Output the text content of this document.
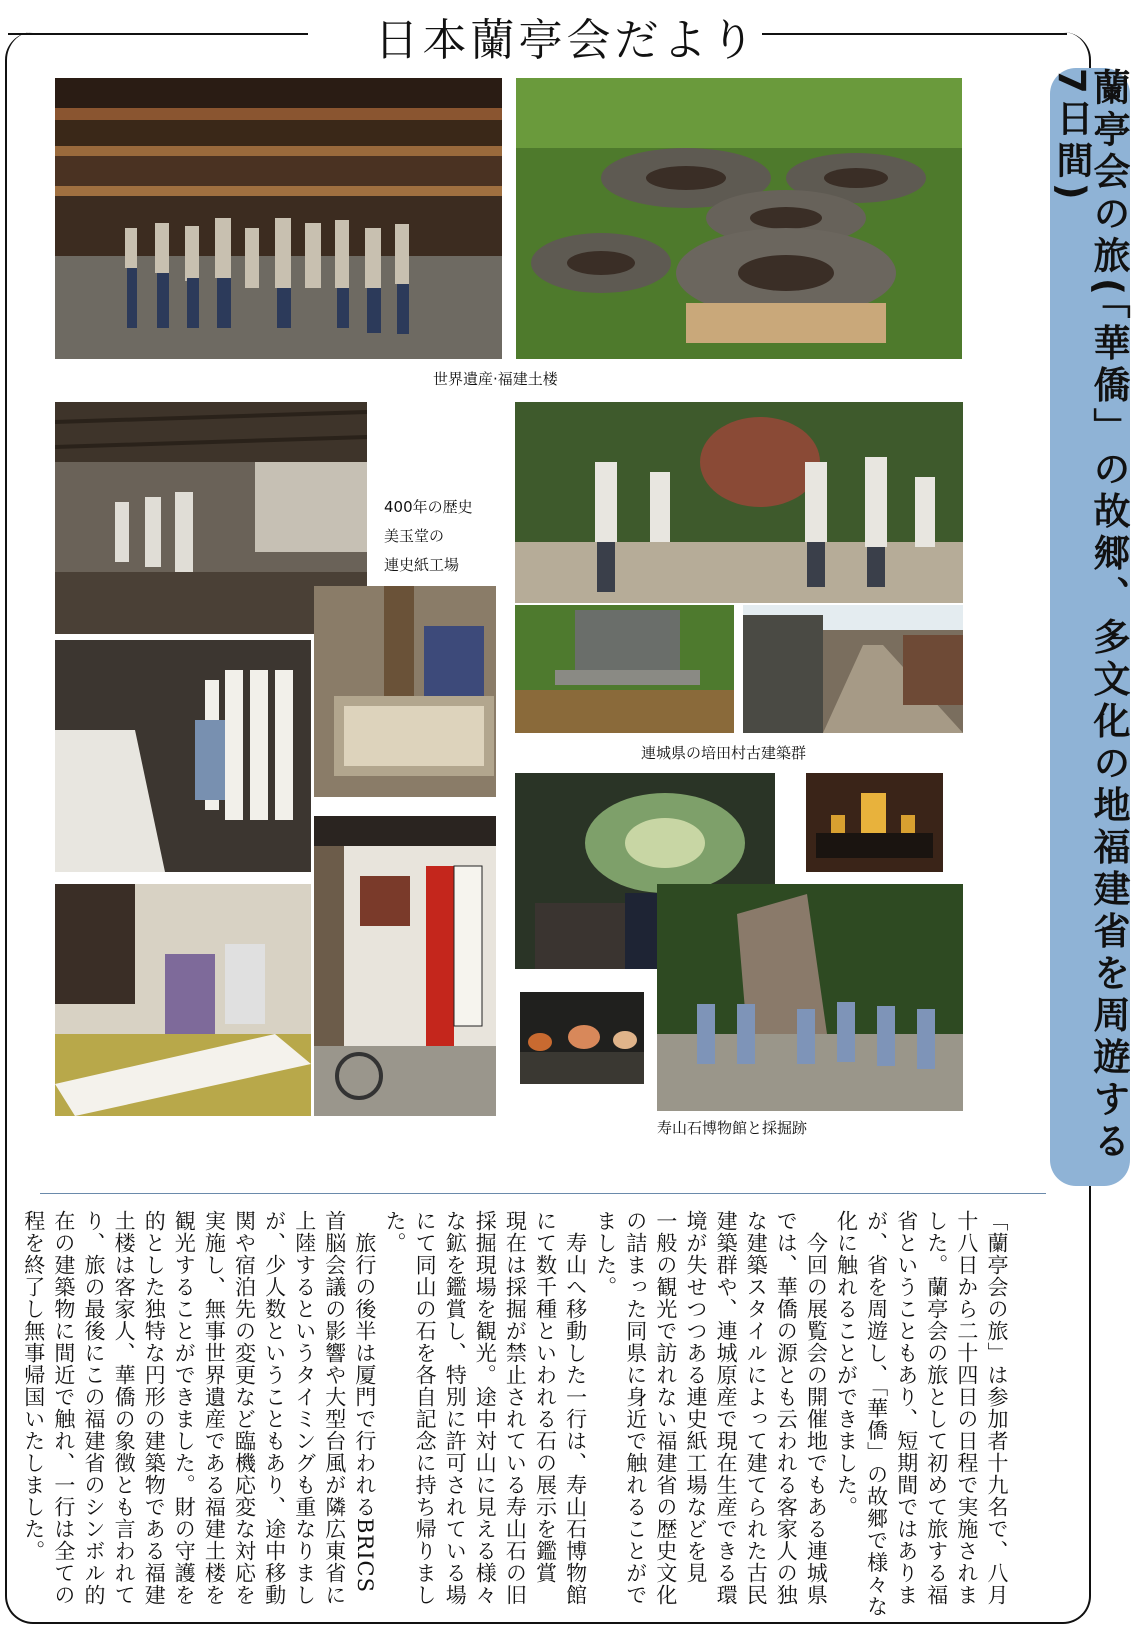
日本蘭亭会だより
蘭亭会の旅(「華僑」の故郷、多文化の地福建省を周遊する7日間)
世界遺産·福建土楼
400年の歴史
美玉堂の
連史紙工場
連城県の培田村古建築群
寿山石博物館と採掘跡
「蘭亭会の旅」は参加者十九名で、八月
十八日から二十四日の日程で実施されま
した。蘭亭会の旅として初めて旅する福
省ということもあり、短期間ではありま
が、省を周遊し、「華僑」の故郷で様々な
化に触れることができました。
　今回の展覧会の開催地でもある連城県
では、華僑の源とも云われる客家人の独
な建築スタイルによって建てられた古民
建築群や、連城原産で現在生産できる環
境が失せつつある連史紙工場などを見
一般の観光で訪れない福建省の歴史文化
の詰まった同県に身近で触れることがで
ました。
　寿山へ移動した一行は、寿山石博物館
にて数千種といわれる石の展示を鑑賞
現在は採掘が禁止されている寿山石の旧
採掘現場を観光。途中対山に見える様々
な鉱を鑑賞し、特別に許可されている場
にて同山の石を各自記念に持ち帰りまし
た。
　旅行の後半は厦門で行われるBRICS
首脳会議の影響や大型台風が隣広東省に
上陸するというタイミングも重なりまし
が、少人数ということもあり、途中移動
関や宿泊先の変更など臨機応変な対応を
実施し、無事世界遺産である福建土楼を
観光することができました。財の守護を
的とした独特な円形の建築物である福建
土楼は客家人、華僑の象徴とも言われて
り、旅の最後にこの福建省のシンボル的
在の建築物に間近で触れ、一行は全ての
程を終了し無事帰国いたしました。
